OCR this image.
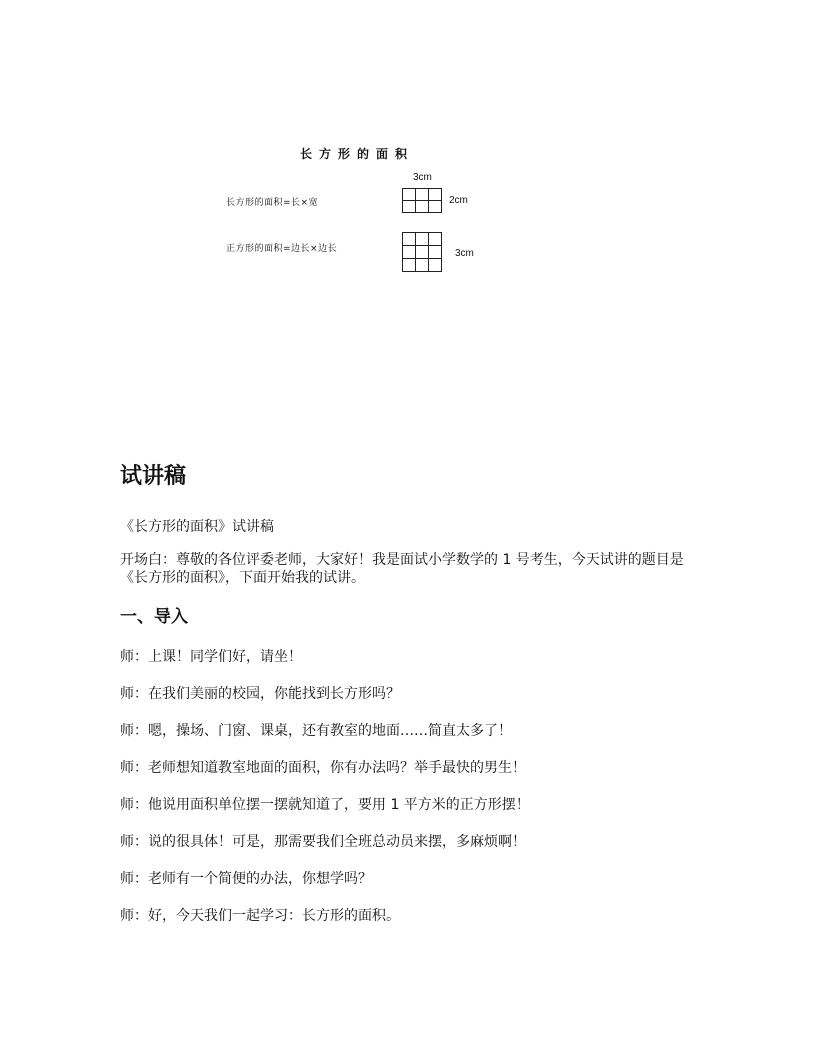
长方形的面积
长方形的面积=长×宽
正方形的面积=边长×边长
3cm
2cm
3cm
试讲稿

《长方形的面积》试讲稿

开场白：尊敬的各位评委老师，大家好！我是面试小学数学的 1 号考生，今天试讲的题目是《长方形的面积》，下面开始我的试讲。

一、导入

师：上课！同学们好，请坐！

师：在我们美丽的校园，你能找到长方形吗？

师：嗯，操场、门窗、课桌，还有教室的地面……简直太多了！

师：老师想知道教室地面的面积，你有办法吗？举手最快的男生！

师：他说用面积单位摆一摆就知道了，要用 1 平方米的正方形摆！

师：说的很具体！可是，那需要我们全班总动员来摆，多麻烦啊！

师：老师有一个简便的办法，你想学吗？

师：好，今天我们一起学习：长方形的面积。
